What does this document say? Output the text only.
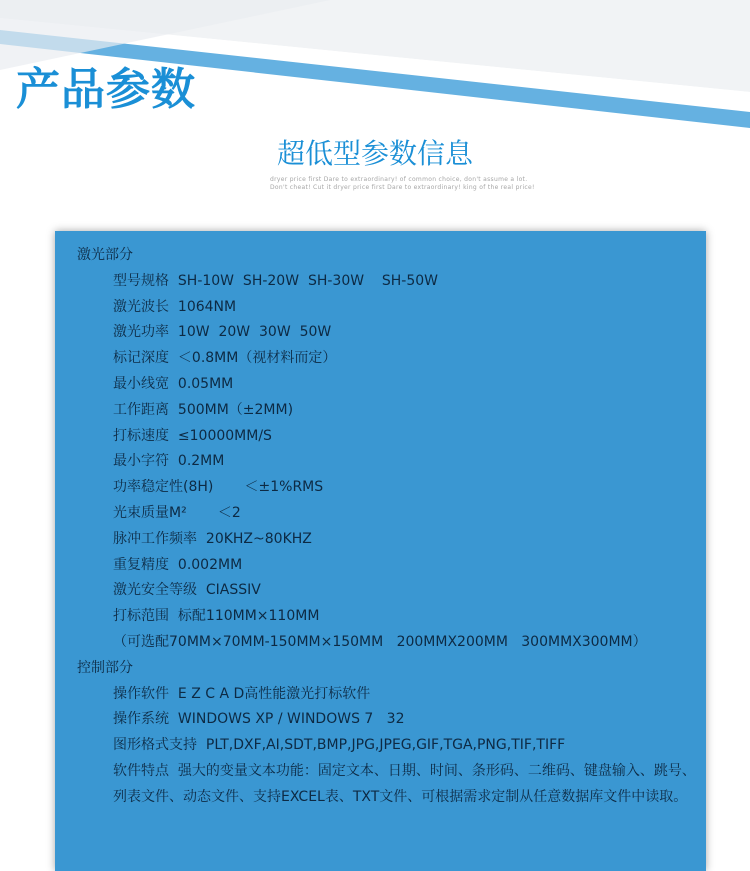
产品参数
超低型参数信息
dryer price first Dare to extraordinary! of common choice, don't assume a lot. Don't cheat! Cut it dryer price first Dare to extraordinary! king of the real price!
激光部分
型号规格 SH-10W  SH-20W  SH-30W    SH-50W
激光波长 1064NM
激光功率 10W  20W  30W  50W
标记深度 ＜0.8MM（视材料而定）
最小线宽 0.05MM
工作距离 500MM（±2MM)
打标速度 ≤10000MM/S
最小字符 0.2MM
功率稳定性(8H)       ＜±1%RMS
光束质量M²       ＜2
脉冲工作频率 20KHZ~80KHZ
重复精度 0.002MM
激光安全等级 CIASSIV
打标范围 标配110MM×110MM
（可选配70MM×70MM-150MM×150MM   200MMX200MM   300MMX300MM）
控制部分
操作软件 E Z C A D高性能激光打标软件
操作系统 WINDOWS XP / WINDOWS 7   32
图形格式支持 PLT,DXF,AI,SDT,BMP,JPG,JPEG,GIF,TGA,PNG,TIF,TIFF
软件特点 强大的变量文本功能：固定文本、日期、时间、条形码、二维码、键盘输入、跳号、列表文件、动态文件、支持EXCEL表、TXT文件、可根据需求定制从任意数据库文件中读取。
